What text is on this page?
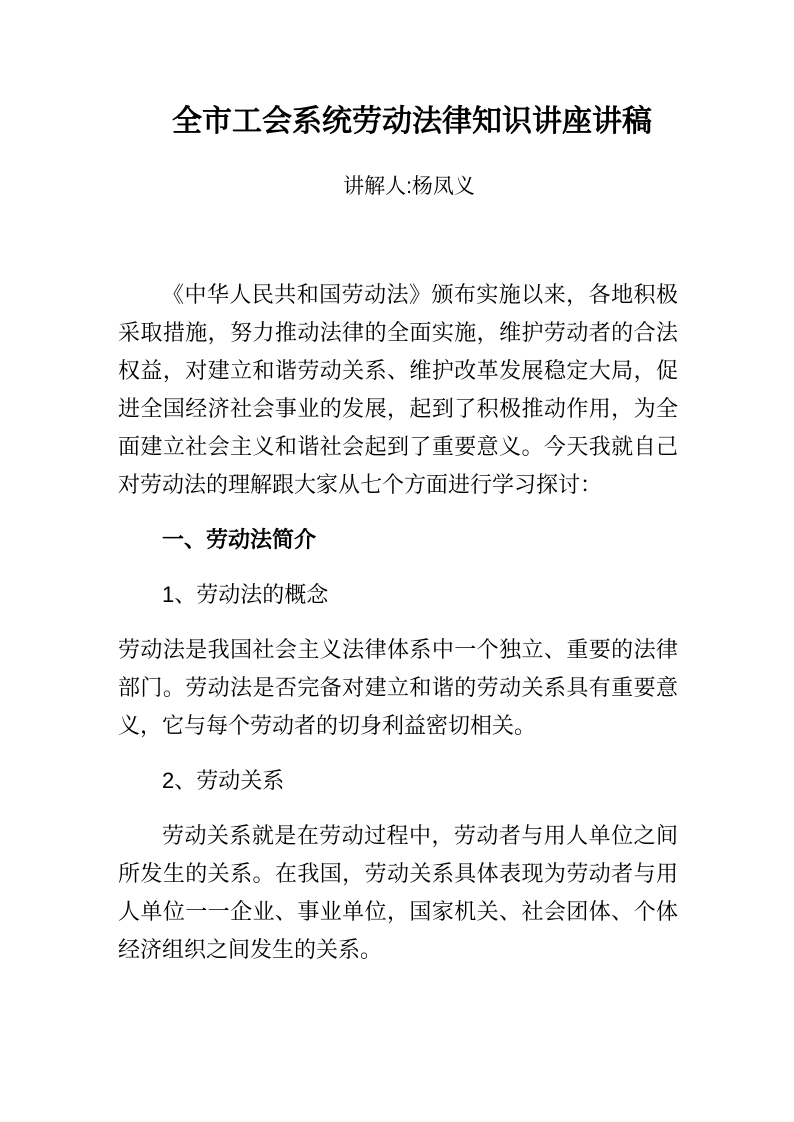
全市工会系统劳动法律知识讲座讲稿

讲解人:杨凤义

《中华人民共和国劳动法》颁布实施以来，各地积极采取措施，努力推动法律的全面实施，维护劳动者的合法权益，对建立和谐劳动关系、维护改革发展稳定大局，促进全国经济社会事业的发展，起到了积极推动作用，为全面建立社会主义和谐社会起到了重要意义。今天我就自己对劳动法的理解跟大家从七个方面进行学习探讨：

一、劳动法简介

1、劳动法的概念

劳动法是我国社会主义法律体系中一个独立、重要的法律部门。劳动法是否完备对建立和谐的劳动关系具有重要意义，它与每个劳动者的切身利益密切相关。

2、劳动关系

劳动关系就是在劳动过程中，劳动者与用人单位之间所发生的关系。在我国，劳动关系具体表现为劳动者与用人单位一一企业、事业单位，国家机关、社会团体、个体经济组织之间发生的关系。
